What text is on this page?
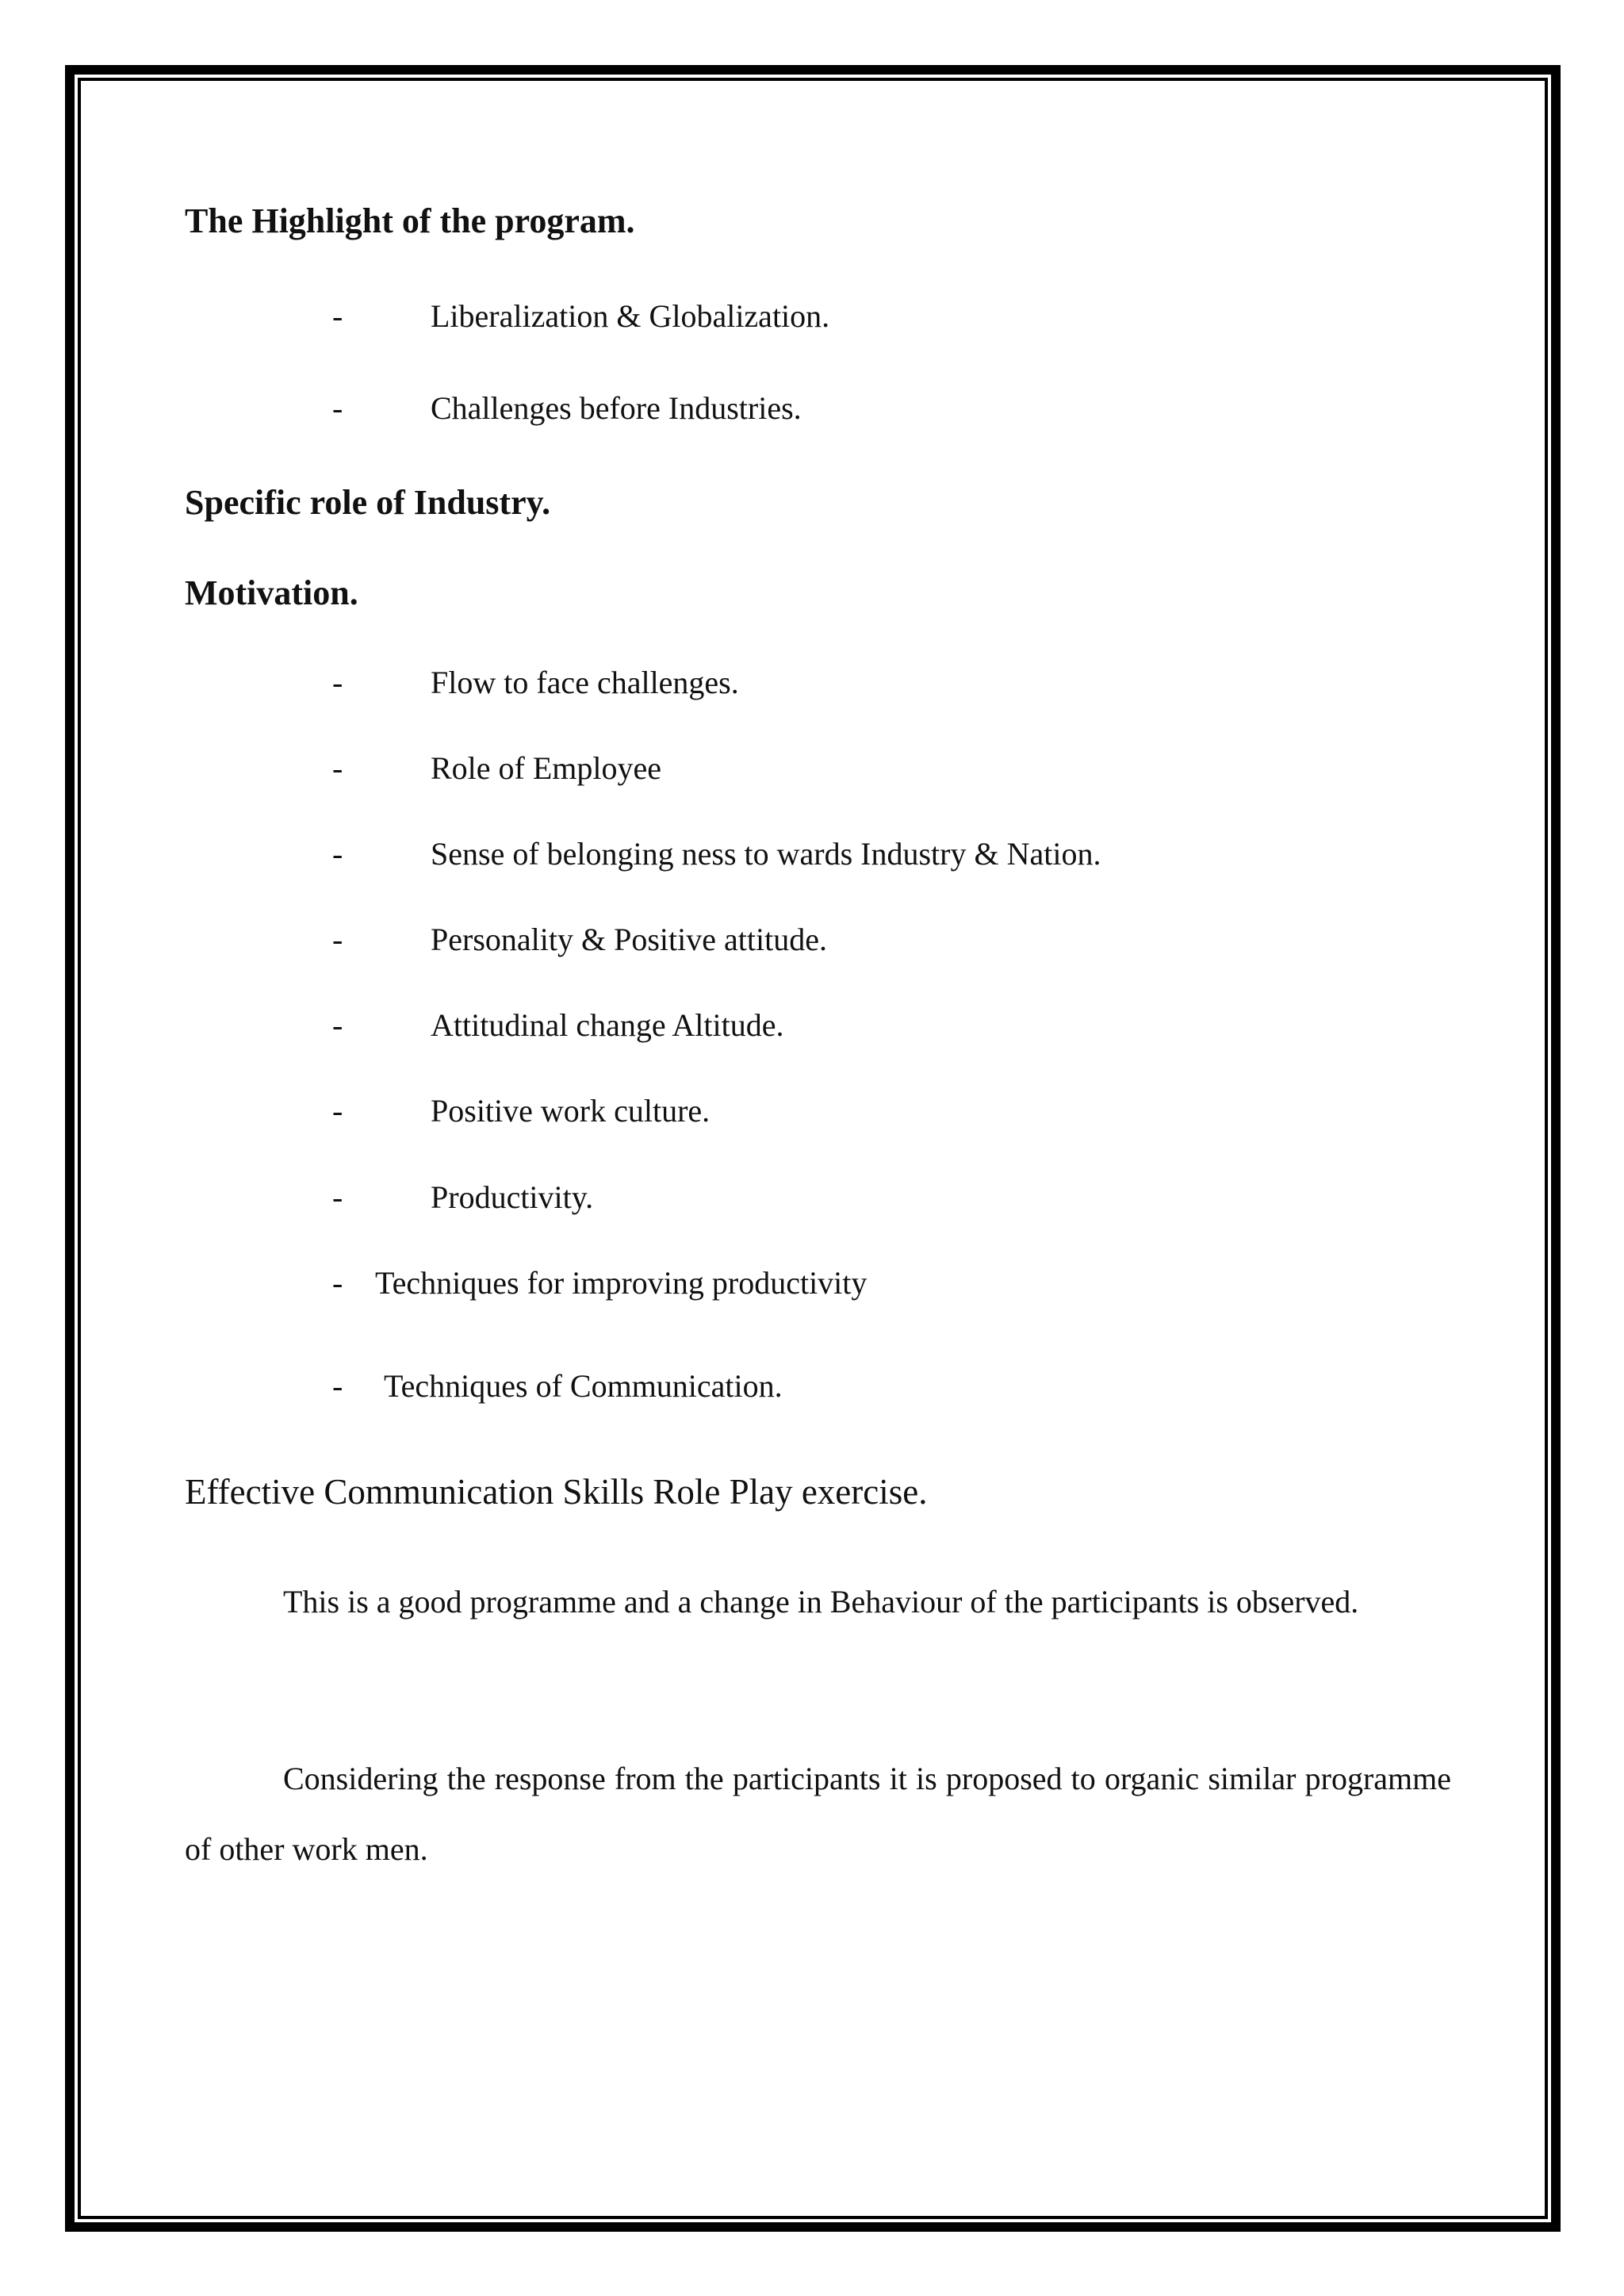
The Highlight of the program.
-	Liberalization & Globalization.
-	Challenges before Industries.
Specific role of Industry.
Motivation.
-	Flow to face challenges.
-	Role of Employee
-	Sense of belonging ness to wards Industry & Nation.
-	Personality & Positive attitude.
-	Attitudinal change Altitude.
-	Positive work culture.
-	Productivity.
- Techniques for improving productivity
- Techniques of Communication.
Effective Communication Skills Role Play exercise.

This is a good programme and a change in Behaviour of the participants is observed.

Considering the response from the participants it is proposed to organic similar programme of other work men.
